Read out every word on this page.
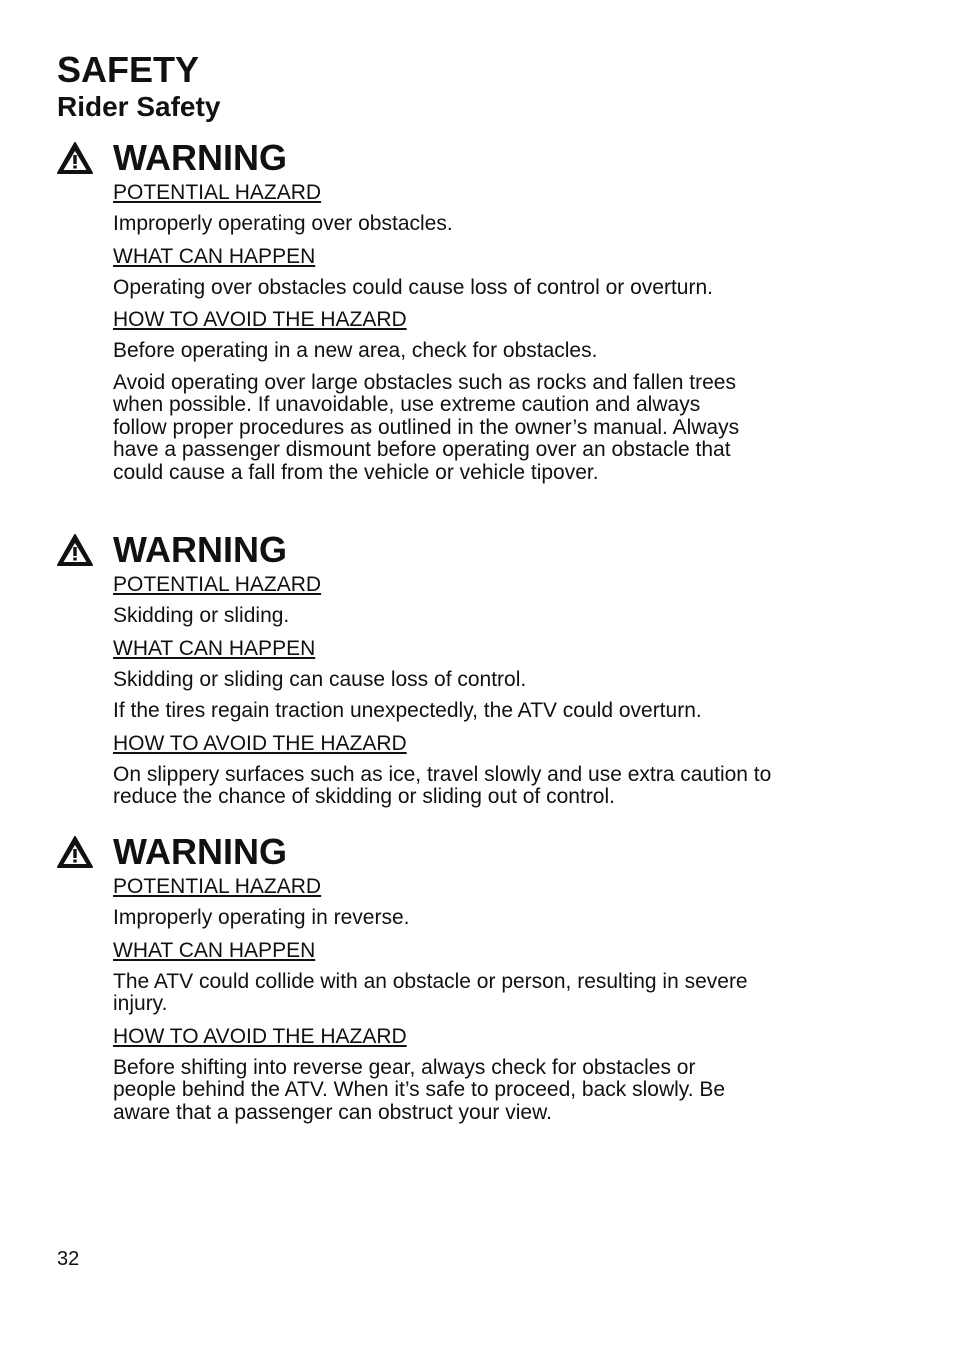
SAFETY
Rider Safety
WARNING

POTENTIAL HAZARD

Improperly operating over obstacles.

WHAT CAN HAPPEN

Operating over obstacles could cause loss of control or overturn.

HOW TO AVOID THE HAZARD

Before operating in a new area, check for obstacles.

Avoid operating over large obstacles such as rocks and fallen trees when possible. If unavoidable, use extreme caution and always follow proper procedures as outlined in the owner’s manual. Always have a passenger dismount before operating over an obstacle that could cause a fall from the vehicle or vehicle tipover.

WARNING

POTENTIAL HAZARD

Skidding or sliding.

WHAT CAN HAPPEN

Skidding or sliding can cause loss of control.

If the tires regain traction unexpectedly, the ATV could overturn.

HOW TO AVOID THE HAZARD

On slippery surfaces such as ice, travel slowly and use extra caution to reduce the chance of skidding or sliding out of control.

WARNING

POTENTIAL HAZARD

Improperly operating in reverse.

WHAT CAN HAPPEN

The ATV could collide with an obstacle or person, resulting in severe injury.

HOW TO AVOID THE HAZARD

Before shifting into reverse gear, always check for obstacles or people behind the ATV. When it’s safe to proceed, back slowly. Be aware that a passenger can obstruct your view.

32
